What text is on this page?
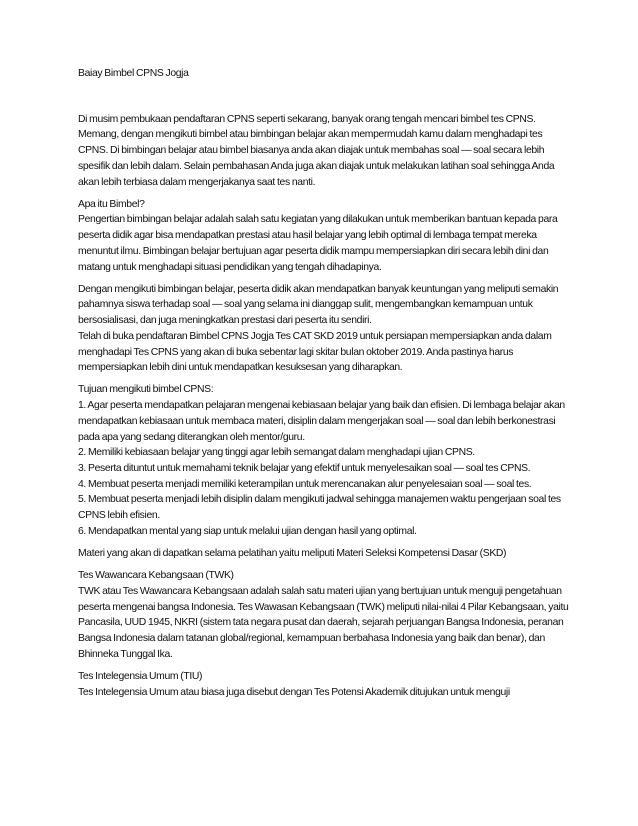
Baiay Bimbel CPNS Jogja

Di musim pembukaan pendaftaran CPNS seperti sekarang, banyak orang tengah mencari bimbel tes CPNS. Memang, dengan mengikuti bimbel atau bimbingan belajar akan mempermudah kamu dalam menghadapi tes CPNS. Di bimbingan belajar atau bimbel biasanya anda akan diajak untuk membahas soal — soal secara lebih spesifik dan lebih dalam. Selain pembahasan Anda juga akan diajak untuk melakukan latihan soal sehingga Anda akan lebih terbiasa dalam mengerjakanya saat tes nanti.

Apa itu Bimbel?
Pengertian bimbingan belajar adalah salah satu kegiatan yang dilakukan untuk memberikan bantuan kepada para peserta didik agar bisa mendapatkan prestasi atau hasil belajar yang lebih optimal di lembaga tempat mereka menuntut ilmu. Bimbingan belajar bertujuan agar peserta didik mampu mempersiapkan diri secara lebih dini dan matang untuk menghadapi situasi pendidikan yang tengah dihadapinya.

Dengan mengikuti bimbingan belajar, peserta didik akan mendapatkan banyak keuntungan yang meliputi semakin pahamnya siswa terhadap soal — soal yang selama ini dianggap sulit, mengembangkan kemampuan untuk bersosialisasi, dan juga meningkatkan prestasi dari peserta itu sendiri.
Telah di buka pendaftaran Bimbel CPNS Jogja Tes CAT SKD 2019 untuk persiapan mempersiapkan anda dalam menghadapi Tes CPNS yang akan di buka sebentar lagi skitar bulan oktober 2019. Anda pastinya harus mempersiapkan lebih dini untuk mendapatkan kesuksesan yang diharapkan.

Tujuan mengikuti bimbel CPNS:
1. Agar peserta mendapatkan pelajaran mengenai kebiasaan belajar yang baik dan efisien. Di lembaga belajar akan mendapatkan kebiasaan untuk membaca materi, disiplin dalam mengerjakan soal — soal dan lebih berkonestrasi pada apa yang sedang diterangkan oleh mentor/guru.
2. Memiliki kebiasaan belajar yang tinggi agar lebih semangat dalam menghadapi ujian CPNS.
3. Peserta dituntut untuk memahami teknik belajar yang efektif untuk menyelesaikan soal — soal tes CPNS.
4. Membuat peserta menjadi memiliki keterampilan untuk merencanakan alur penyelesaian soal — soal tes.
5. Membuat peserta menjadi lebih disiplin dalam mengikuti jadwal sehingga manajemen waktu pengerjaan soal tes CPNS lebih efisien.
6. Mendapatkan mental yang siap untuk melalui ujian dengan hasil yang optimal.

Materi yang akan di dapatkan selama pelatihan yaitu meliputi Materi Seleksi Kompetensi Dasar (SKD)

Tes Wawancara Kebangsaan (TWK)
TWK atau Tes Wawancara Kebangsaan adalah salah satu materi ujian yang bertujuan untuk menguji pengetahuan peserta mengenai bangsa Indonesia. Tes Wawasan Kebangsaan (TWK) meliputi nilai-nilai 4 Pilar Kebangsaan, yaitu Pancasila, UUD 1945, NKRI (sistem tata negara pusat dan daerah, sejarah perjuangan Bangsa Indonesia, peranan Bangsa Indonesia dalam tatanan global/regional, kemampuan berbahasa Indonesia yang baik dan benar), dan Bhinneka Tunggal Ika.

Tes Intelegensia Umum (TIU)
Tes Intelegensia Umum atau biasa juga disebut dengan Tes Potensi Akademik ditujukan untuk menguji
